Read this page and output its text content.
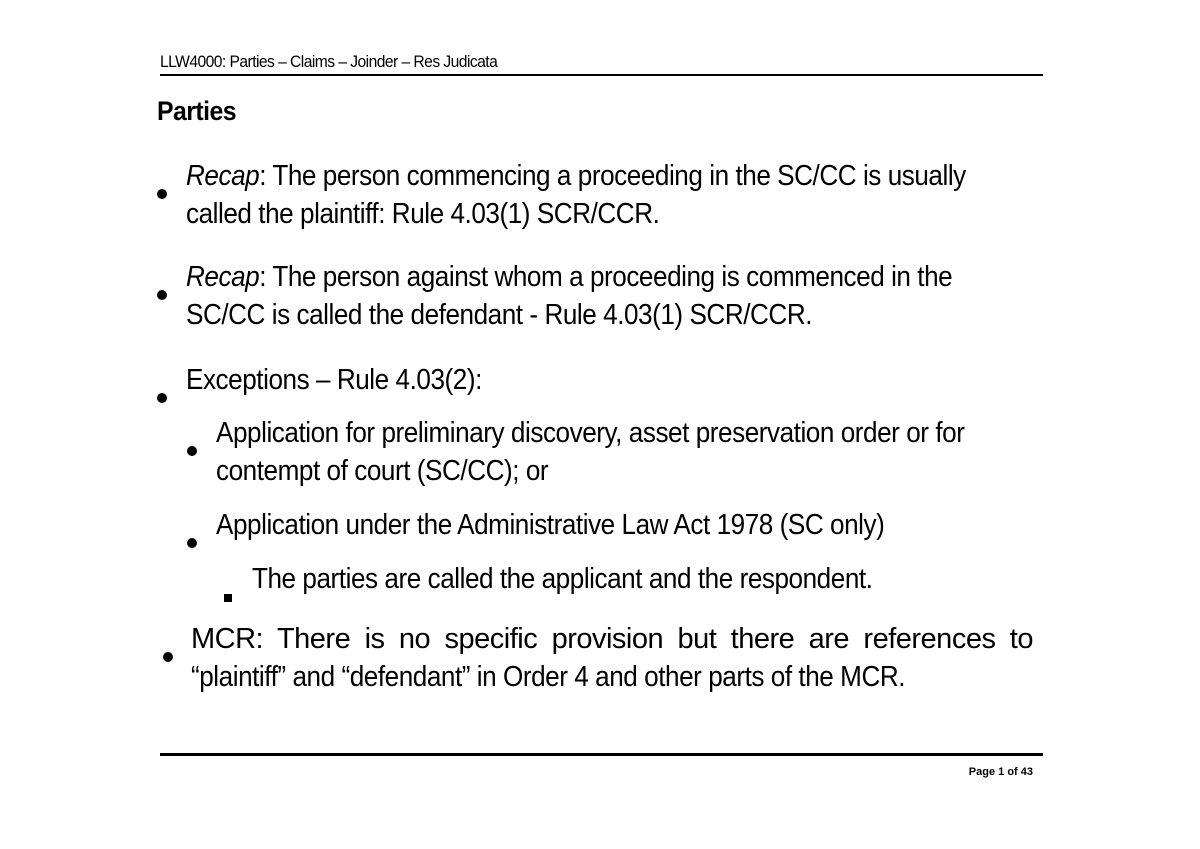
LLW4000: Parties – Claims – Joinder – Res Judicata
Parties
Recap: The person commencing a proceeding in the SC/CC is usually
called the plaintiff: Rule 4.03(1) SCR/CCR.
Recap: The person against whom a proceeding is commenced in the
SC/CC is called the defendant - Rule 4.03(1) SCR/CCR.
Exceptions – Rule 4.03(2):
Application for preliminary discovery, asset preservation order or for
contempt of court (SC/CC); or
Application under the Administrative Law Act 1978 (SC only)
The parties are called the applicant and the respondent.
MCR: There is no specific provision but there are references to
“plaintiff” and “defendant” in Order 4 and other parts of the MCR.
Page 1 of 43
